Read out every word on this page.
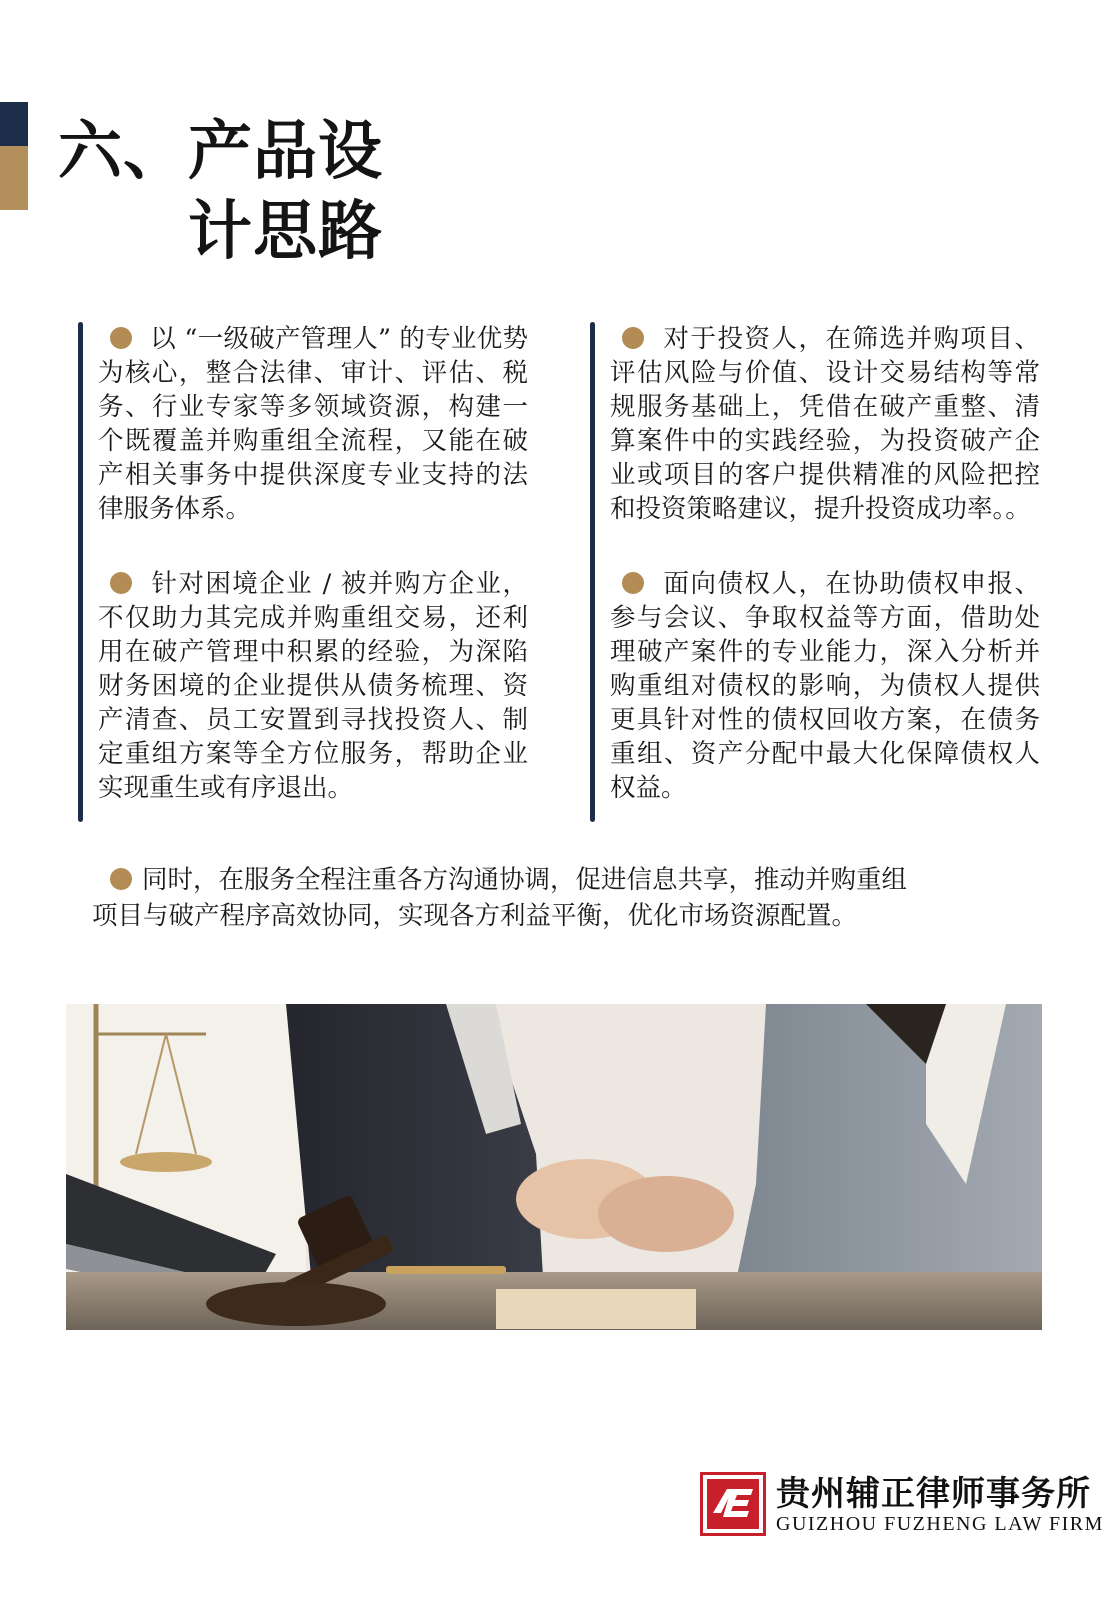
六、产品设
计思路
以 “一级破产管理人” 的专业优势为核心，整合法律、审计、评估、税务、行业专家等多领域资源，构建一个既覆盖并购重组全流程，又能在破产相关事务中提供深度专业支持的法律服务体系。
针对困境企业 / 被并购方企业，不仅助力其完成并购重组交易，还利用在破产管理中积累的经验，为深陷财务困境的企业提供从债务梳理、资产清查、员工安置到寻找投资人、制定重组方案等全方位服务，帮助企业实现重生或有序退出。
对于投资人，在筛选并购项目、评估风险与价值、设计交易结构等常规服务基础上，凭借在破产重整、清算案件中的实践经验，为投资破产企业或项目的客户提供精准的风险把控和投资策略建议，提升投资成功率。。
面向债权人，在协助债权申报、参与会议、争取权益等方面，借助处理破产案件的专业能力，深入分析并购重组对债权的影响，为债权人提供更具针对性的债权回收方案，在债务重组、资产分配中最大化保障债权人权益。
同时，在服务全程注重各方沟通协调，促进信息共享，推动并购重组
项目与破产程序高效协同，实现各方利益平衡，优化市场资源配置。
贵州辅正律师事务所
GUIZHOU FUZHENG LAW FIRM
